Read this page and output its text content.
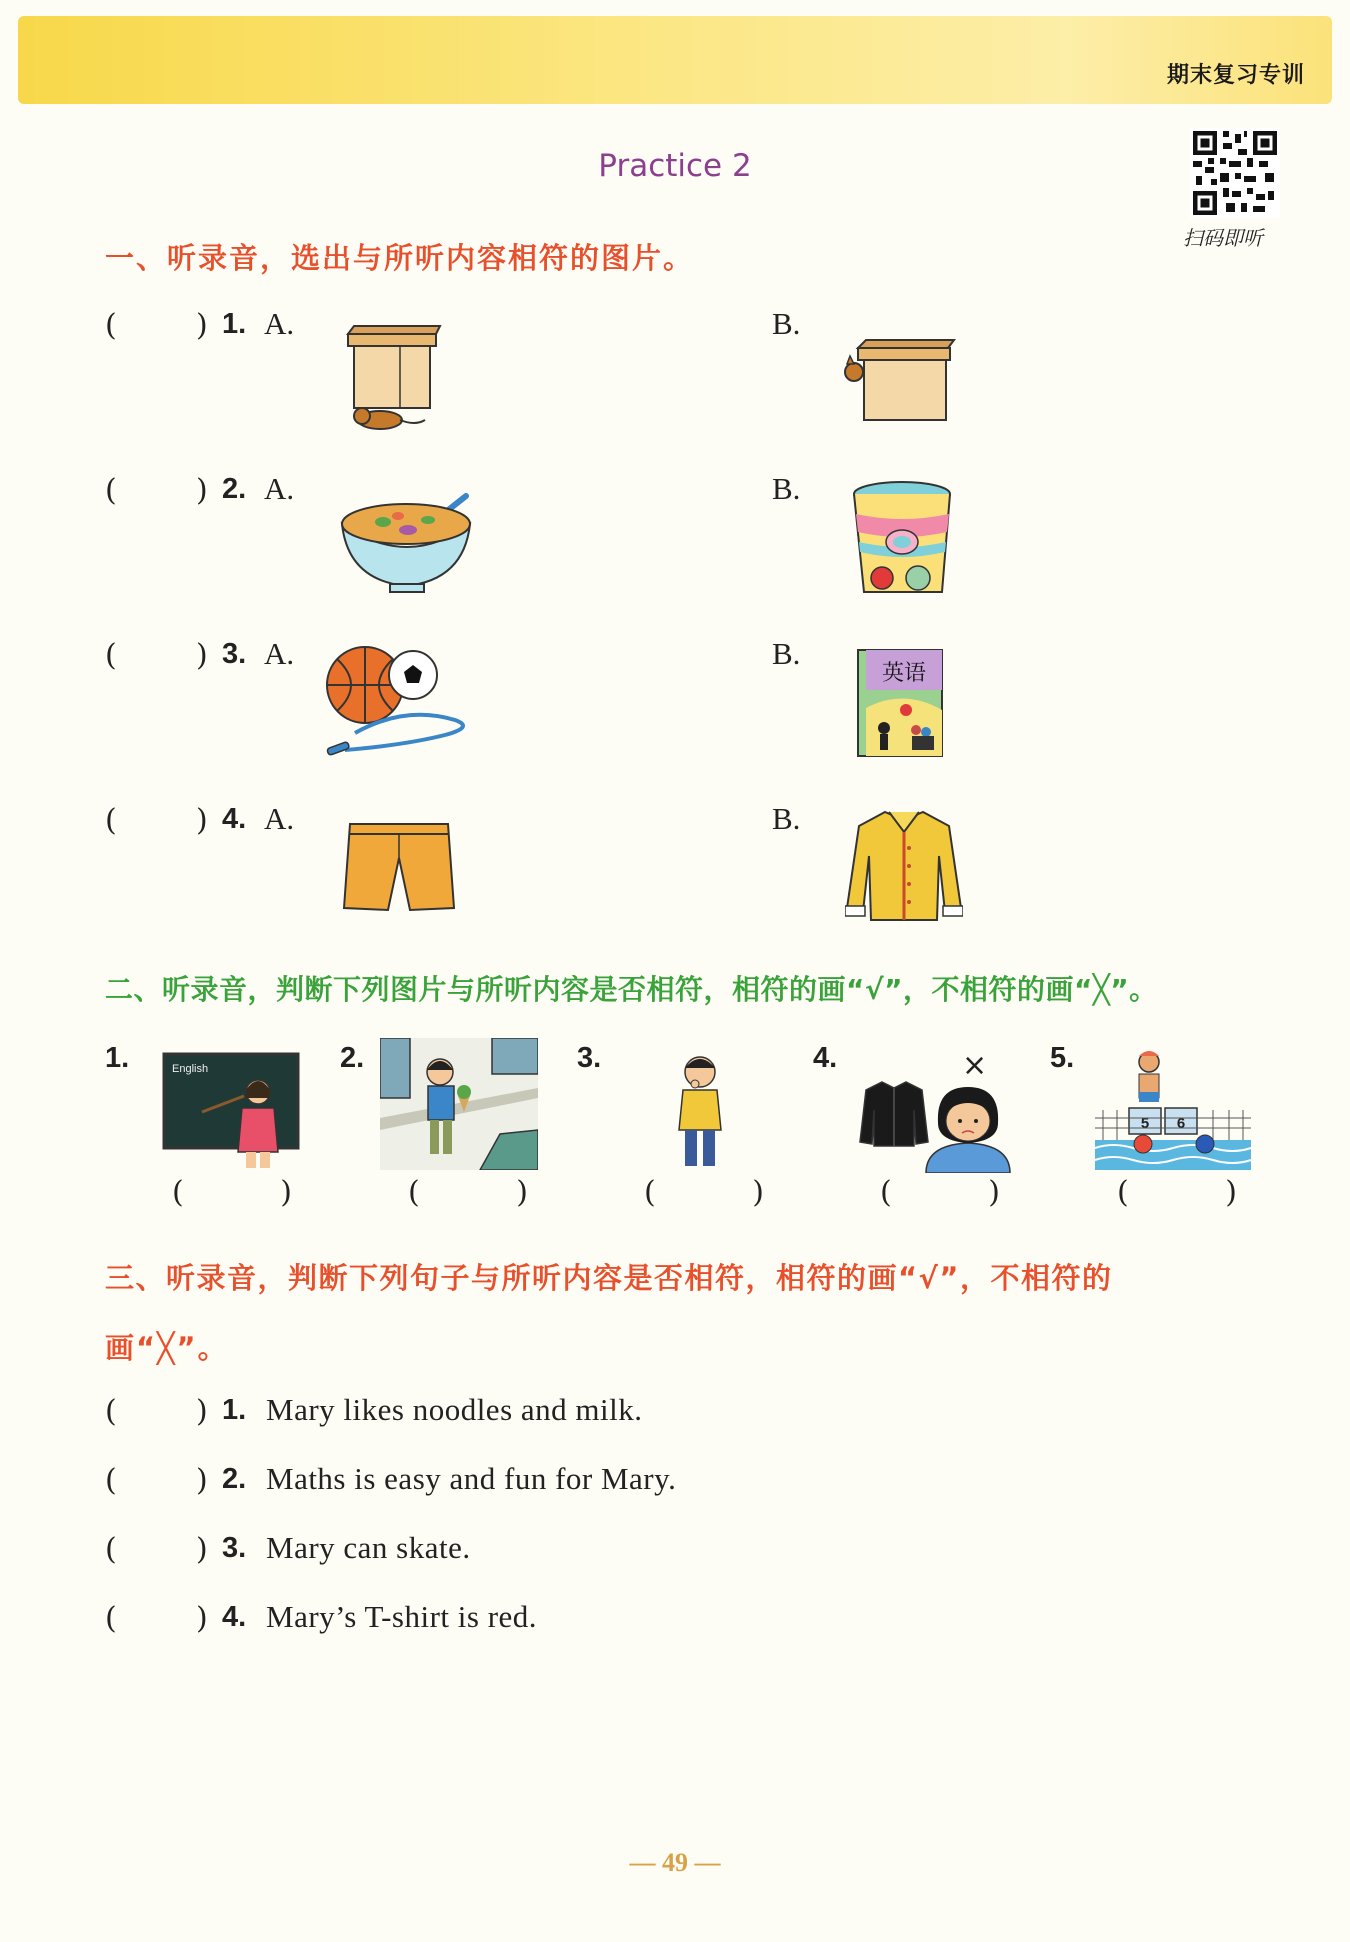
期末复习专训
扫码即听
Practice 2
一、听录音，选出与所听内容相符的图片。
(	) 1. A.	B.
(	) 2. A.	B.
(	) 3. A.	B.
英语
(	) 4. A.	B.
二、听录音，判断下列图片与所听内容是否相符，相符的画“√”，不相符的画“╳”。
1.	2.	3.	4.	5.
English	×
5 6
(	)	(	)	(	)	(	)	(	)
三、听录音，判断下列句子与所听内容是否相符，相符的画“√”，不相符的
画“╳”。
(	) 1. Mary likes noodles and milk.
(	) 2. Maths is easy and fun for Mary.
(	) 3. Mary can skate.
(	) 4. Mary’s T-shirt is red.
— 49 —
